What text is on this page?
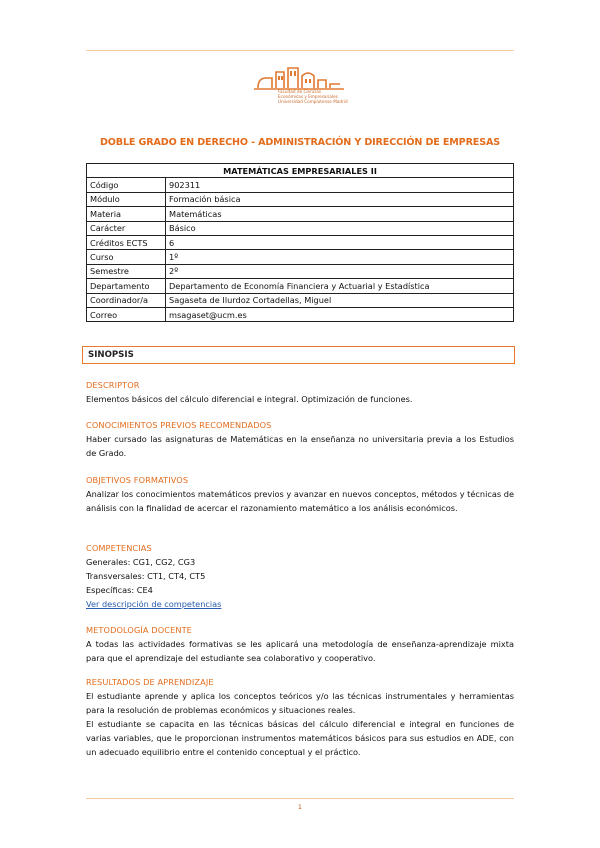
Facultad de Ciencias
Económicas y Empresariales
Universidad Complutense Madrid
DOBLE GRADO EN DERECHO - ADMINISTRACIÓN Y DIRECCIÓN DE EMPRESAS
MATEMÁTICAS EMPRESARIALES II	
Código	902311
Módulo	Formación básica
Materia	Matemáticas
Carácter	Básico
Créditos ECTS	6
Curso	1º
Semestre	2º
Departamento	Departamento de Economía Financiera y Actuarial y Estadística
Coordinador/a	Sagaseta de Ilurdoz Cortadellas, Miguel
Correo	msagaset@ucm.es
SINOPSIS
DESCRIPTOR
Elementos básicos del cálculo diferencial e integral. Optimización de funciones.
CONOCIMIENTOS PREVIOS RECOMENDADOS
Haber cursado las asignaturas de Matemáticas en la enseñanza no universitaria previa a los Estudios de Grado.
OBJETIVOS FORMATIVOS
Analizar los conocimientos matemáticos previos y avanzar en nuevos conceptos, métodos y técnicas de análisis con la finalidad de acercar el razonamiento matemático a los análisis económicos.
COMPETENCIAS
Generales: CG1, CG2, CG3
Transversales: CT1, CT4, CT5
Específicas: CE4
Ver descripción de competencias
METODOLOGÍA DOCENTE
A todas las actividades formativas se les aplicará una metodología de enseñanza-aprendizaje mixta para que el aprendizaje del estudiante sea colaborativo y cooperativo.
RESULTADOS DE APRENDIZAJE
El estudiante aprende y aplica los conceptos teóricos y/o las técnicas instrumentales y herramientas para la resolución de problemas económicos y situaciones reales.
El estudiante se capacita en las técnicas básicas del cálculo diferencial e integral en funciones de varias variables, que le proporcionan instrumentos matemáticos básicos para sus estudios en ADE, con un adecuado equilibrio entre el contenido conceptual y el práctico.
1
